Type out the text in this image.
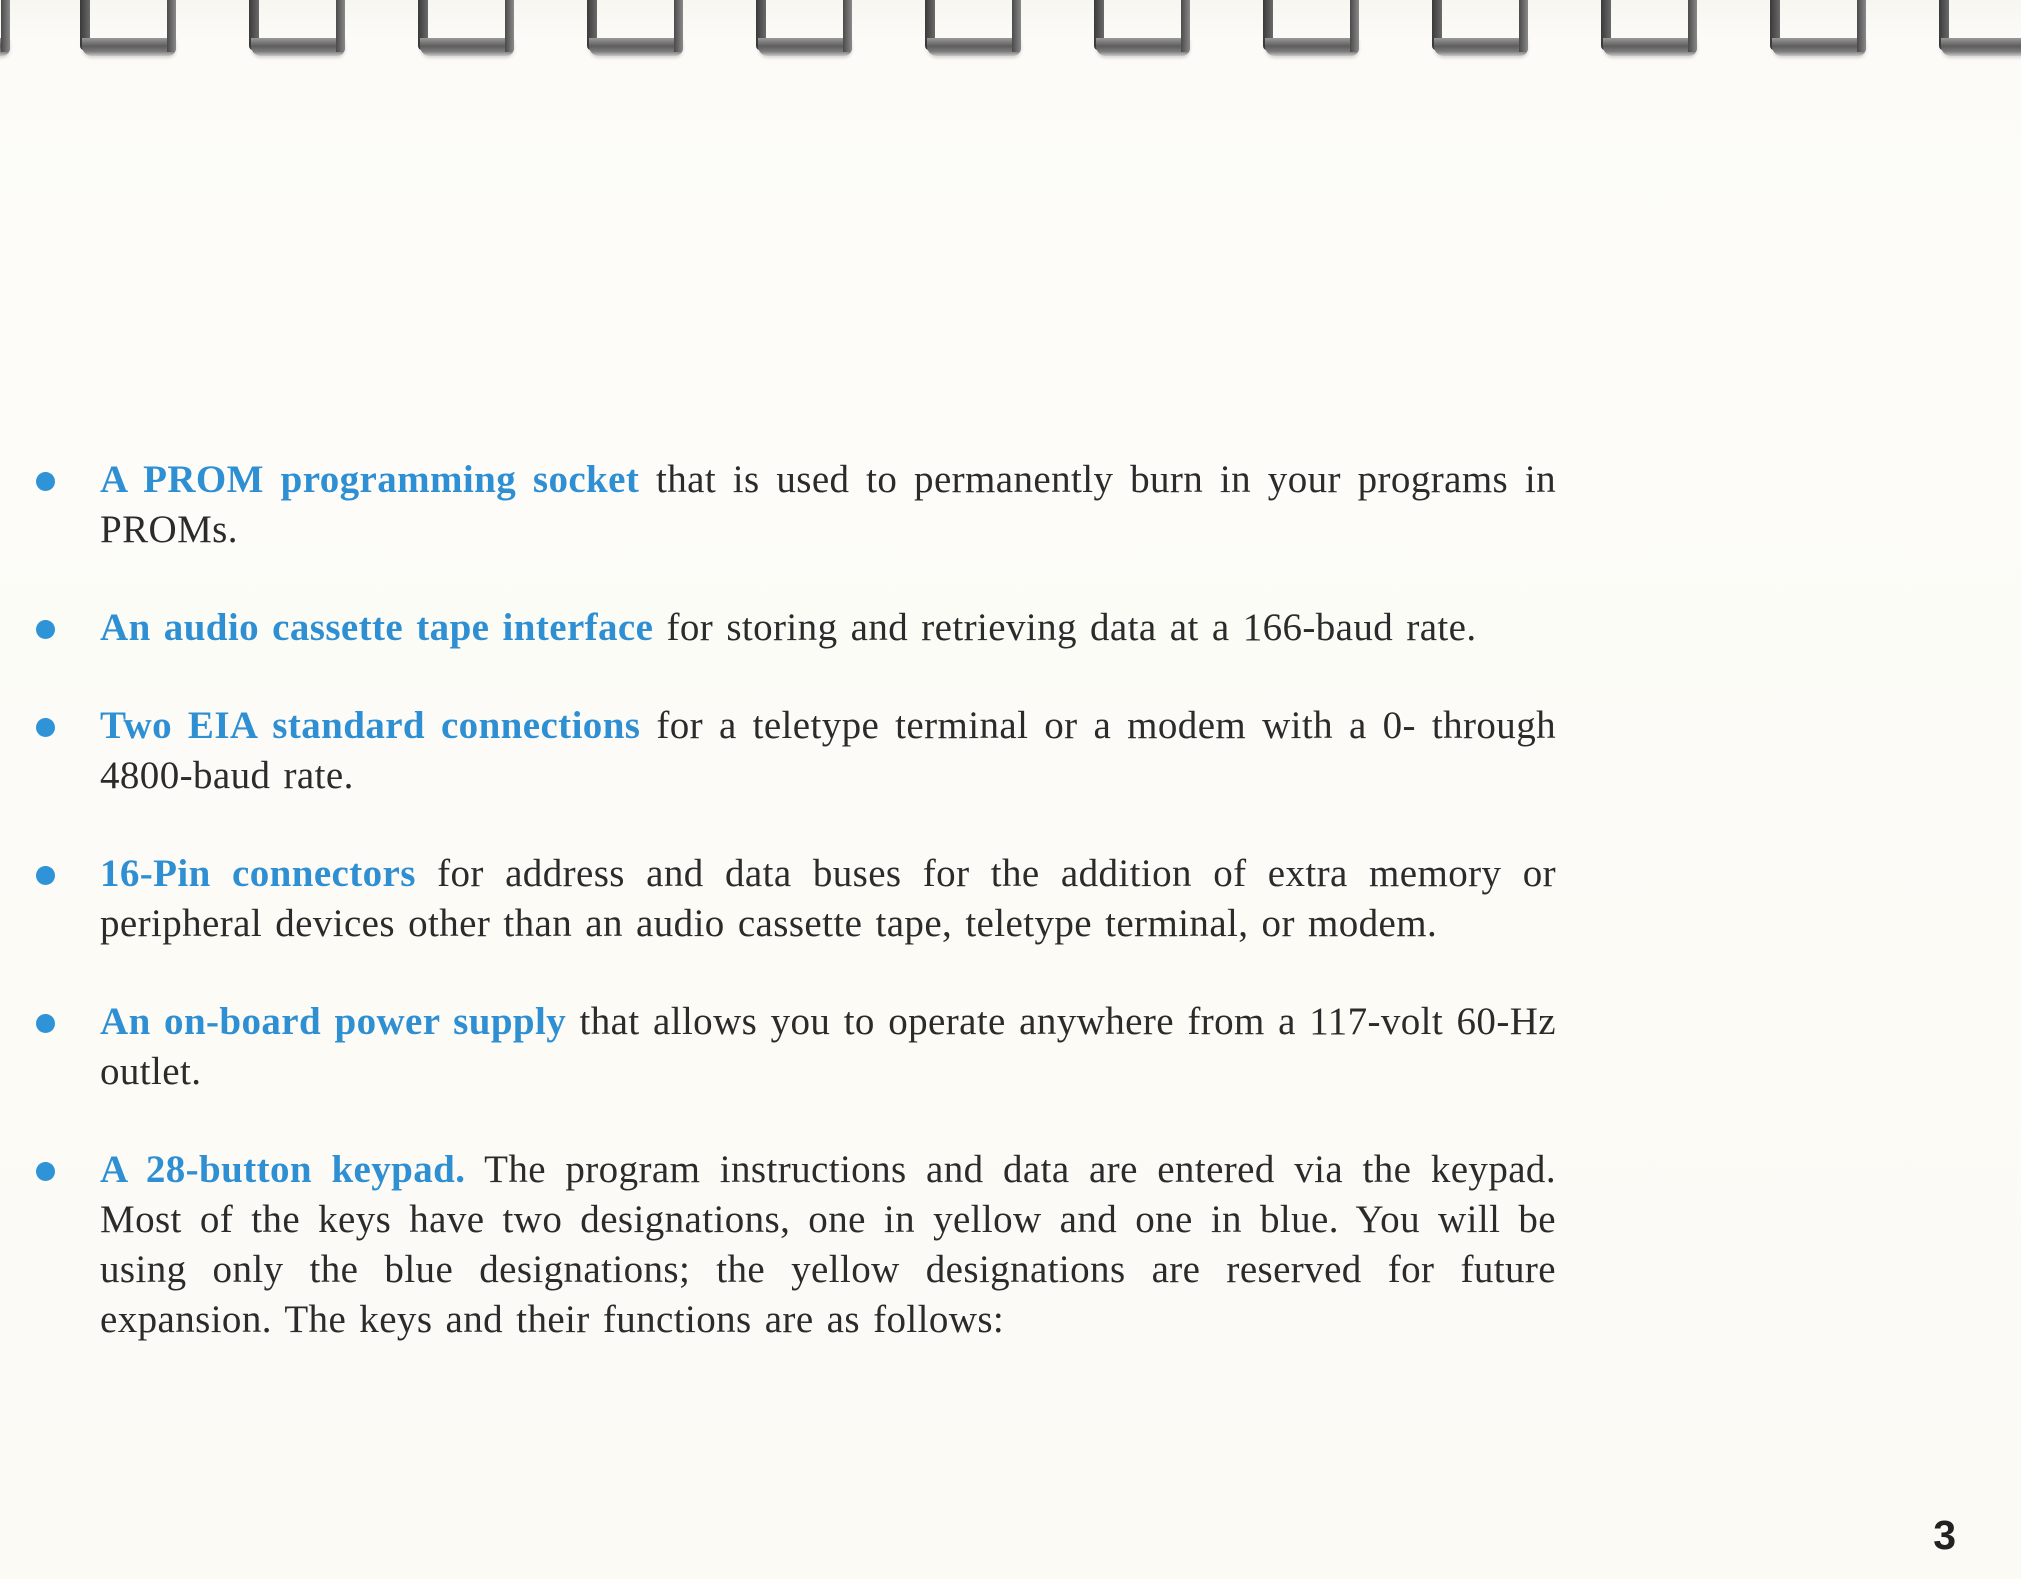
A PROM programming socket that is used to permanently burn in your programs in PROMs.
An audio cassette tape interface for storing and retrieving data at a 166-baud rate.
Two EIA standard connections for a teletype terminal or a modem with a 0- through 4800-baud rate.
16-Pin connectors for address and data buses for the addition of extra memory or peripheral devices other than an audio cassette tape, teletype terminal, or modem.
An on-board power supply that allows you to operate anywhere from a 117-volt 60-Hz outlet.
A 28-button keypad. The program instructions and data are entered via the keypad. Most of the keys have two designations, one in yellow and one in blue. You will be using only the blue designations; the yellow designations are reserved for future expansion. The keys and their functions are as follows:
3
